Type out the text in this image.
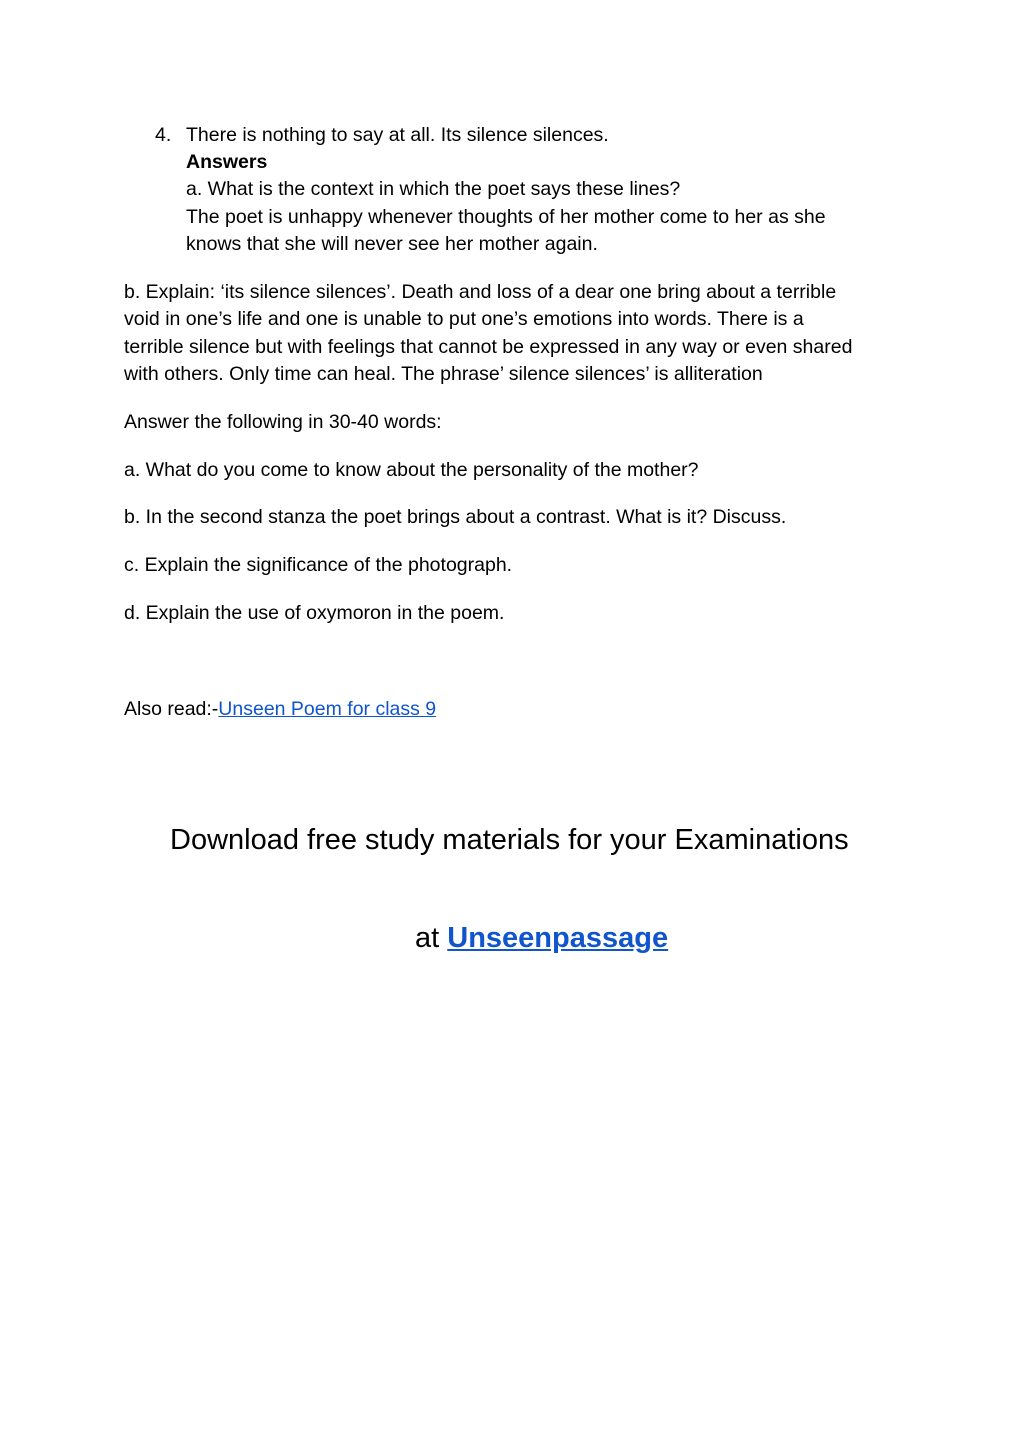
4. There is nothing to say at all. Its silence silences.
Answers
a. What is the context in which the poet says these lines?
The poet is unhappy whenever thoughts of her mother come to her as she
knows that she will never see her mother again.
b. Explain: ‘its silence silences’. Death and loss of a dear one bring about a terrible
void in one’s life and one is unable to put one’s emotions into words. There is a
terrible silence but with feelings that cannot be expressed in any way or even shared
with others. Only time can heal. The phrase’ silence silences’ is alliteration
Answer the following in 30-40 words:
a. What do you come to know about the personality of the mother?
b. In the second stanza the poet brings about a contrast. What is it? Discuss.
c. Explain the significance of the photograph.
d. Explain the use of oxymoron in the poem.
Also read:-Unseen Poem for class 9
Download free study materials for your Examinations
at Unseenpassage
